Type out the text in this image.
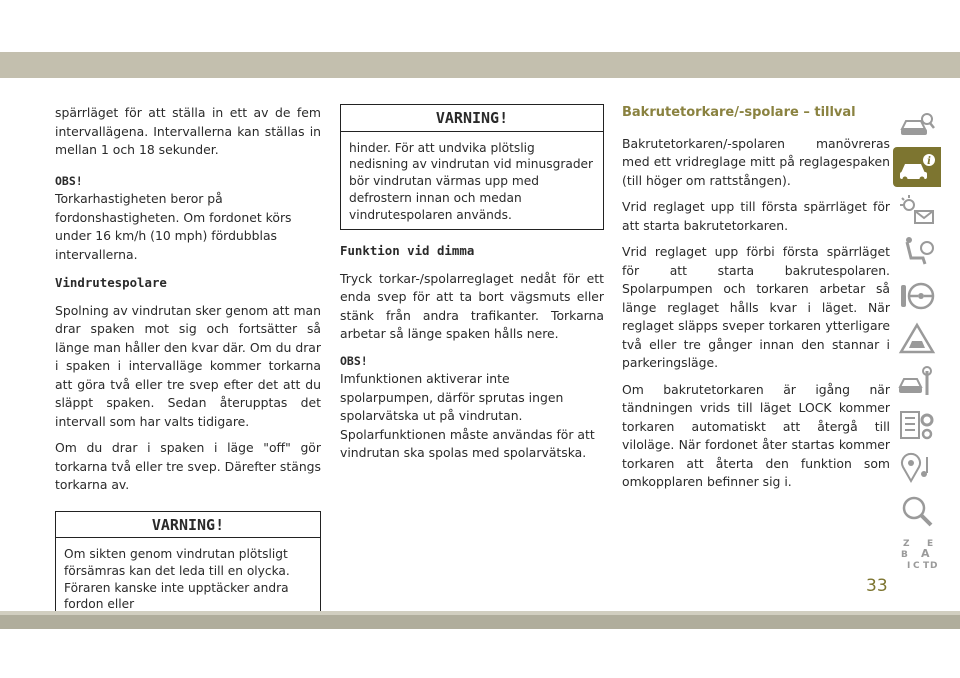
spärrläget för att ställa in ett av de fem intervallägena. Intervallerna kan ställas in mellan 1 och 18 sekunder.

OBS!
Torkarhastigheten beror på fordonshastigheten. Om fordonet körs under 16 km/h (10 mph) fördubblas intervallerna.
Vindrutespolare

Spolning av vindrutan sker genom att man drar spaken mot sig och fortsätter så länge man håller den kvar där. Om du drar i spaken i intervalläge kommer torkarna att göra två eller tre svep efter det att du släppt spaken. Sedan återupptas det intervall som har valts tidigare.

Om du drar i spaken i läge "off" gör torkarna två eller tre svep. Därefter stängs torkarna av.

VARNING!
Om sikten genom vindrutan plötsligt försämras kan det leda till en olycka. Föraren kanske inte upptäcker andra fordon eller
VARNING!
hinder. För att undvika plötslig nedisning av vindrutan vid minusgrader bör vindrutan värmas upp med defrostern innan och medan vindrutespolaren används.
Funktion vid dimma

Tryck torkar-/spolarreglaget nedåt för ett enda svep för att ta bort vägsmuts eller stänk från andra trafikanter. Torkarna arbetar så länge spaken hålls nere.

OBS!
Imfunktionen aktiverar inte spolarpumpen, därför sprutas ingen spolarvätska ut på vindrutan. Spolarfunktionen måste användas för att vindrutan ska spolas med spolarvätska.
Bakrutetorkare/-spolare – tillval

Bakrutetorkaren/-spolaren manövreras med ett vridreglage mitt på reglagespaken (till höger om rattstången).

Vrid reglaget upp till första spärrläget för att starta bakrutetorkaren.

Vrid reglaget upp förbi första spärrläget för att starta bakrutespolaren. Spolarpumpen och torkaren arbetar så länge reglaget hålls kvar i läget. När reglaget släpps sveper torkaren ytterligare två eller tre gånger innan den stannar i parkeringsläge.

Om bakrutetorkaren är igång när tändningen vrids till läget LOCK kommer torkaren automatiskt att återgå till viloläge. När fordonet åter startas kommer torkaren att återta den funktion som omkopplaren befinner sig i.

i
Z E
B A
I C T D
33
